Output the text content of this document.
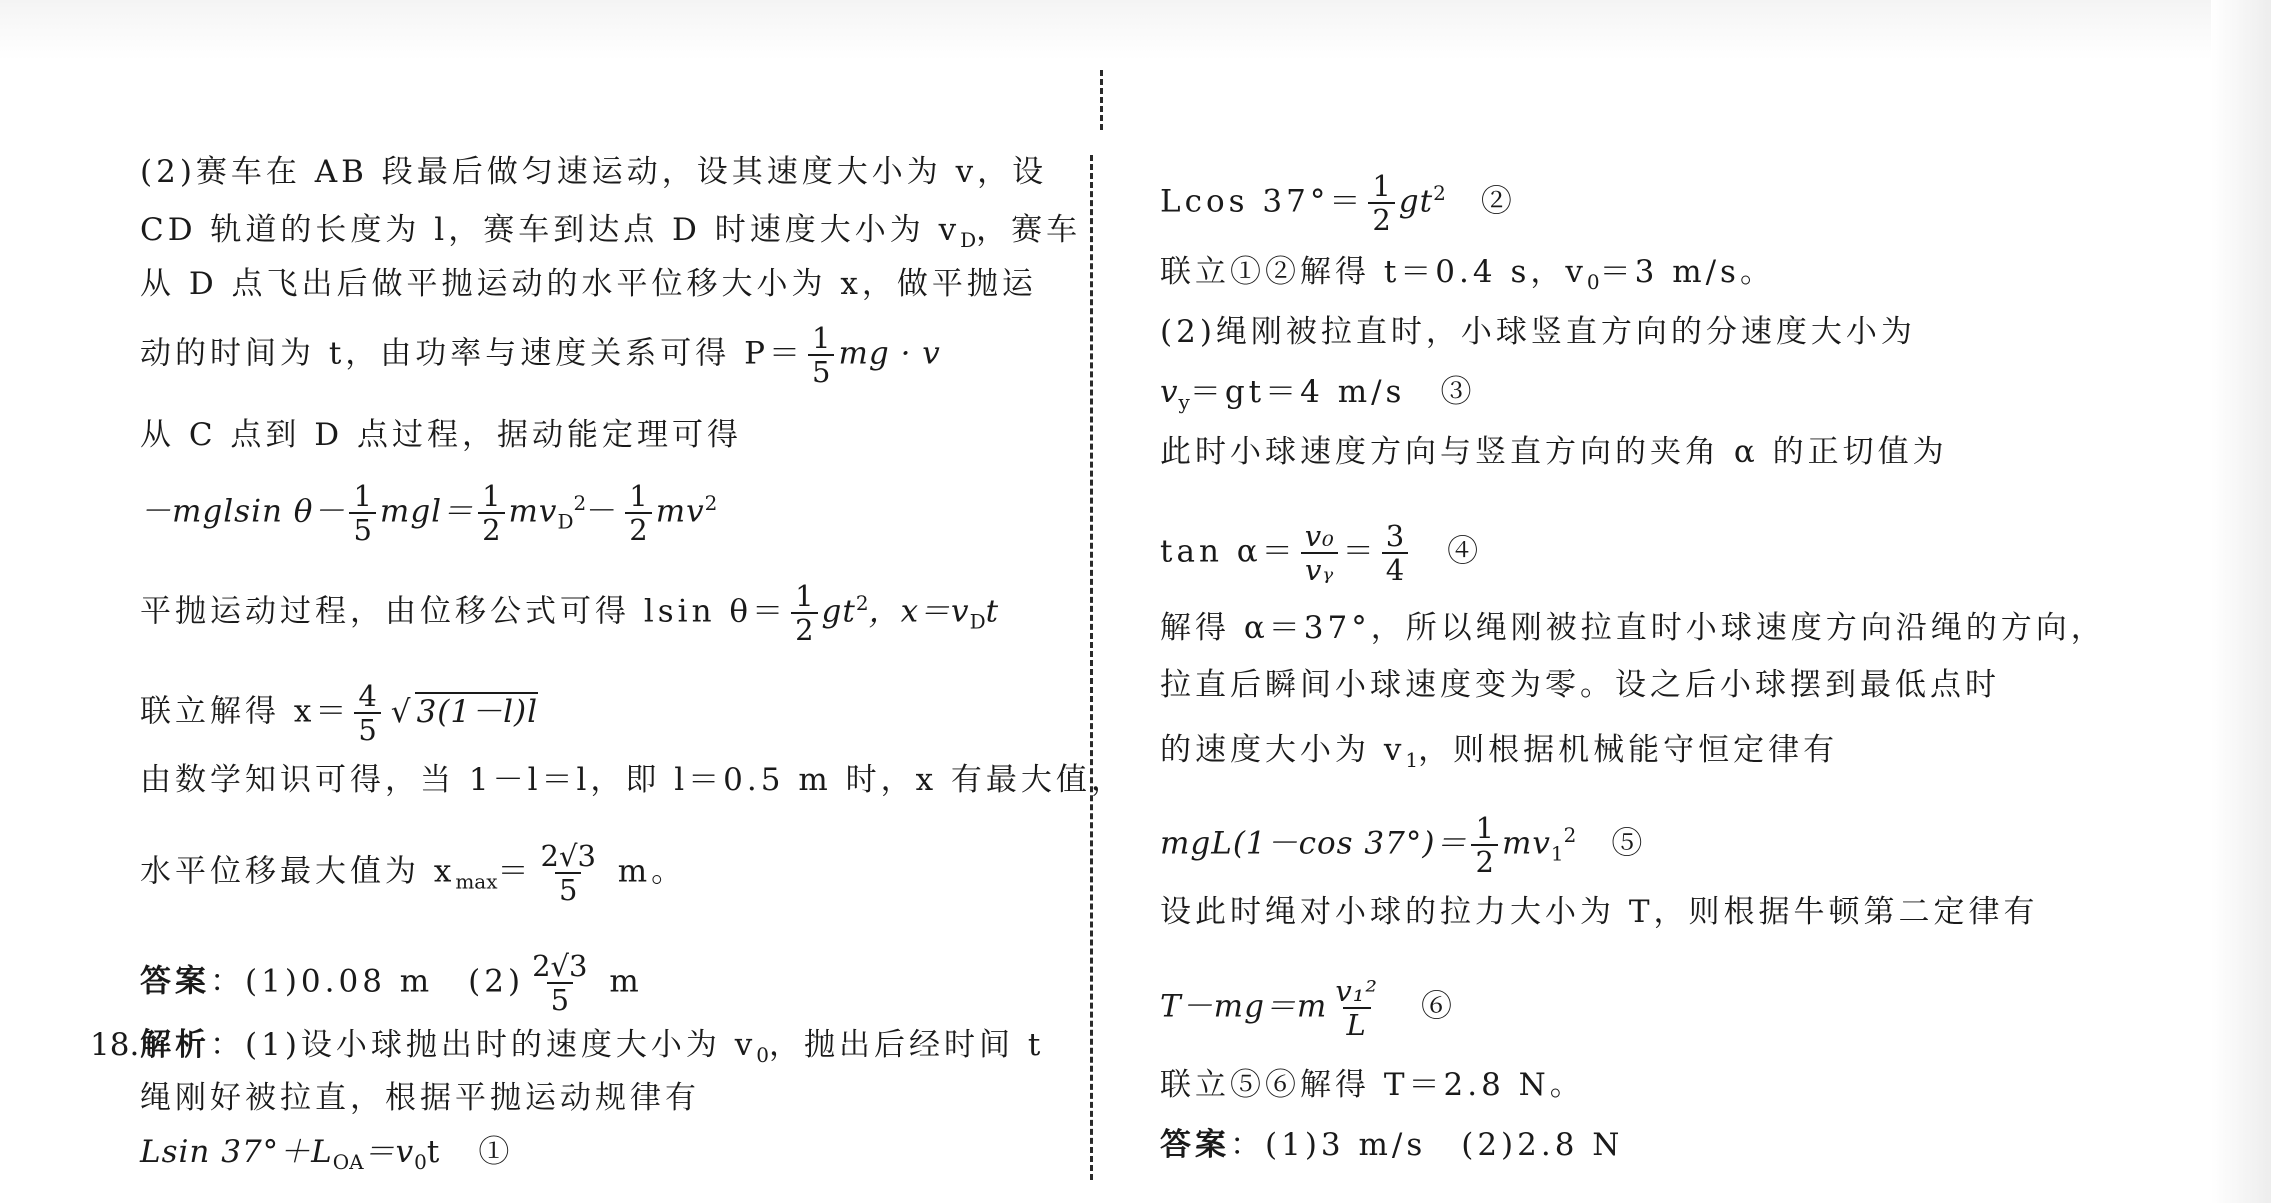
(2)赛车在 AB 段最后做匀速运动，设其速度大小为 v，设
CD 轨道的长度为 l，赛车到达点 D 时速度大小为 $v_D$，赛车
从 D 点飞出后做平抛运动的水平位移大小为 x，做平抛运
动的时间为 t，由功率与速度关系可得 $P= \frac{1}{5}$ mg · v
从 C 点到 D 点过程，据动能定理可得
－mglsin $\theta- \frac{1}{5} mgl= \frac{1}{2} mv_D^2- \frac{1}{2} mv^2$
平抛运动过程，由位移公式可得 lsin $\theta= \frac{1}{2} gt^2$，$x=v_Dt$
联立解得 $x= \frac{4}{5} √3(1-l)l$
由数学知识可得，当 1－l＝l，即 l＝0.5 m 时，x 有最大值，
水平位移最大值为 $x_{max}= \frac{2√3}{5}$ m。
答案：(1)0.08 m　$(2) \frac{2√3}{5}$ m
18. 解析：(1)设小球抛出时的速度大小为 $v_0$，抛出后经时间 t
绳刚好被拉直，根据平抛运动规律有
Lsin $37^\circ+L_{OA}=v_0t$　①
Lcos $37^\circ= \frac{1}{2} gt^2$　②
联立①②解得 t＝0.4 s，$v_0=3$ m/s。
(2)绳刚被拉直时，小球竖直方向的分速度大小为
$v_y=gt=4$ m/s　③
此时小球速度方向与竖直方向的夹角 α 的正切值为
$\tan \alpha= \frac{\text{v₀}}{\text{vᵧ}} = \frac{3}{4}$ 　④
解得 α＝37°，所以绳刚被拉直时小球速度方向沿绳的方向，
拉直后瞬间小球速度变为零。设之后小球摆到最低点时
的速度大小为 $v_1$，则根据机械能守恒定律有
mgL(1－cos $37^\circ)= \frac{1}{2} mv_1^2$　⑤
设此时绳对小球的拉力大小为 T，则根据牛顿第二定律有
$T-mg=m \frac{\text{v₁²}}{L}$ 　⑥
联立⑤⑥解得 T＝2.8 N。
答案：(1)3 m/s　(2)2.8 N
